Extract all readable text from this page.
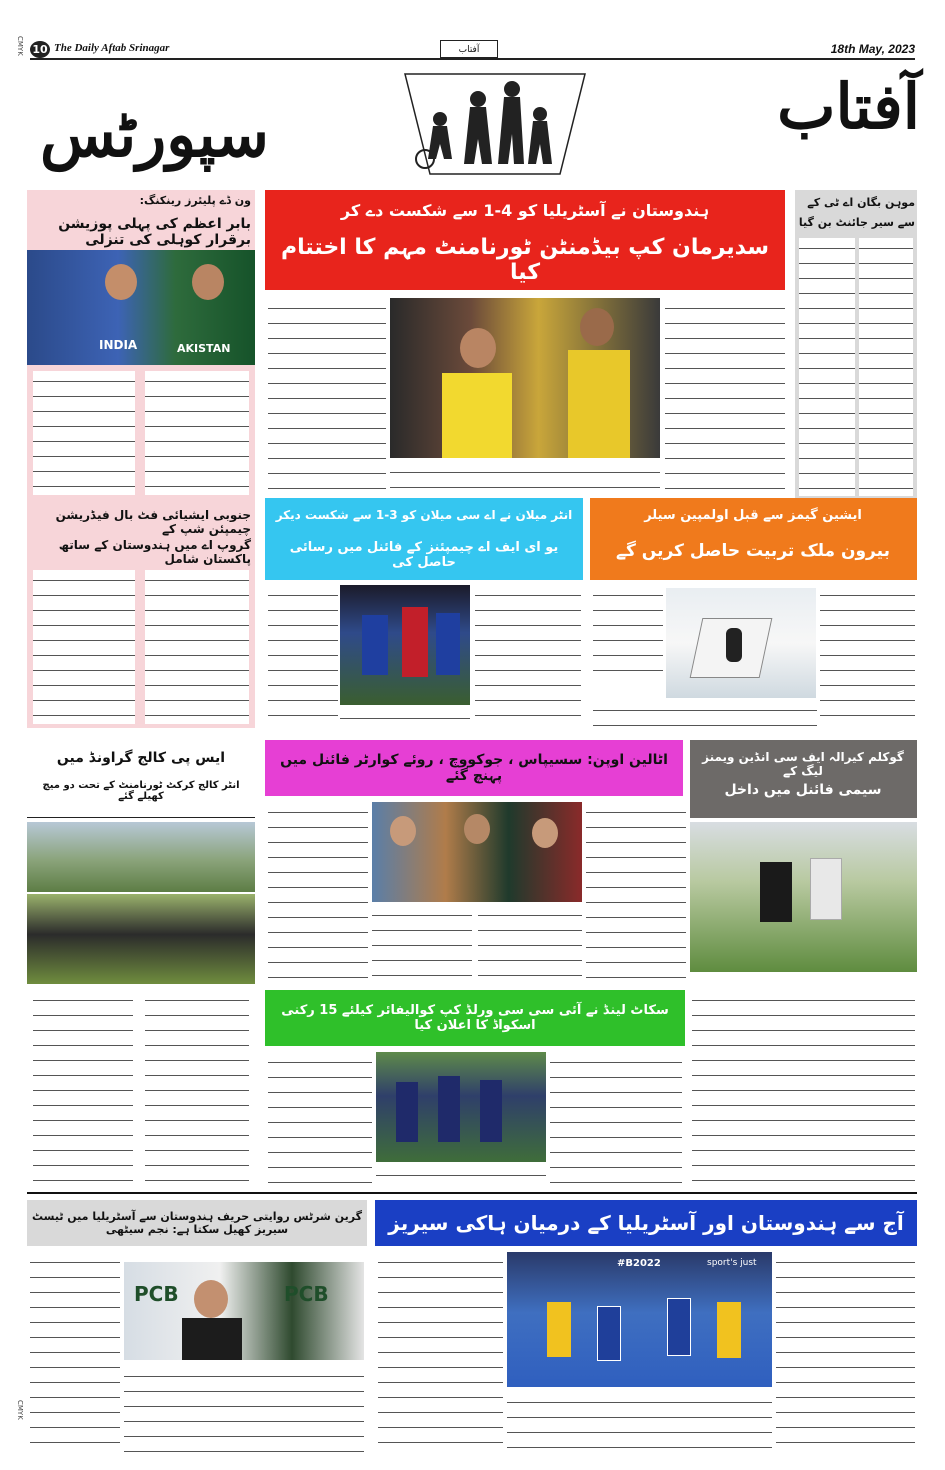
10 The Daily Aftab Srinagar	18th May, 2023
آفتاب
CMYK
CMYK
آفتاب
سپورٹس
ون ڈے پلیئرز رینکنگ:
بابر اعظم کی پہلی پوزیشن برقرار کوہلی کی تنزلی
INDIA	AKISTAN
جنوبی ایشیائی فٹ بال فیڈریشن چیمپئن شپ کے
گروپ اے میں ہندوستان کے ساتھ پاکستان شامل
ایس پی کالج گراونڈ میں
انٹر کالج کرکٹ ٹورنامنٹ کے تحت دو میچ کھیلے گئے
موہن بگان اے ٹی کے
سے سیر جائنٹ بن گیا
ہندوستان نے آسٹریلیا کو 4-1 سے شکست دے کر
سدیرمان کپ بیڈمنٹن ٹورنامنٹ مہم کا اختتام کیا
انٹر میلان نے اے سی میلان کو 3-1 سے شکست دیکر
یو ای ایف اے چیمپئنز کے فائنل میں رسائی حاصل کی
ایشین گیمز سے قبل اولمپین سیلر
بیرون ملک تربیت حاصل کریں گے
اٹالین اوپن: سسیپاس ، جوکووچ ، روئے کوارٹر فائنل میں پہنچ گئے
گوکلم کیرالہ ایف سی انڈین ویمنز لیگ کے
سیمی فائنل میں داخل
سکاٹ لینڈ نے آئی سی سی ورلڈ کپ کوالیفائر کیلئے 15 رکنی اسکواڈ کا اعلان کیا
گرین شرٹس روایتی حریف ہندوستان سے آسٹریلیا میں ٹیسٹ سیریز کھیل سکتا ہے: نجم سیٹھی
PCB	PCB
آج سے ہندوستان اور آسٹریلیا کے درمیان ہاکی سیریز
#B2022	sport's just
